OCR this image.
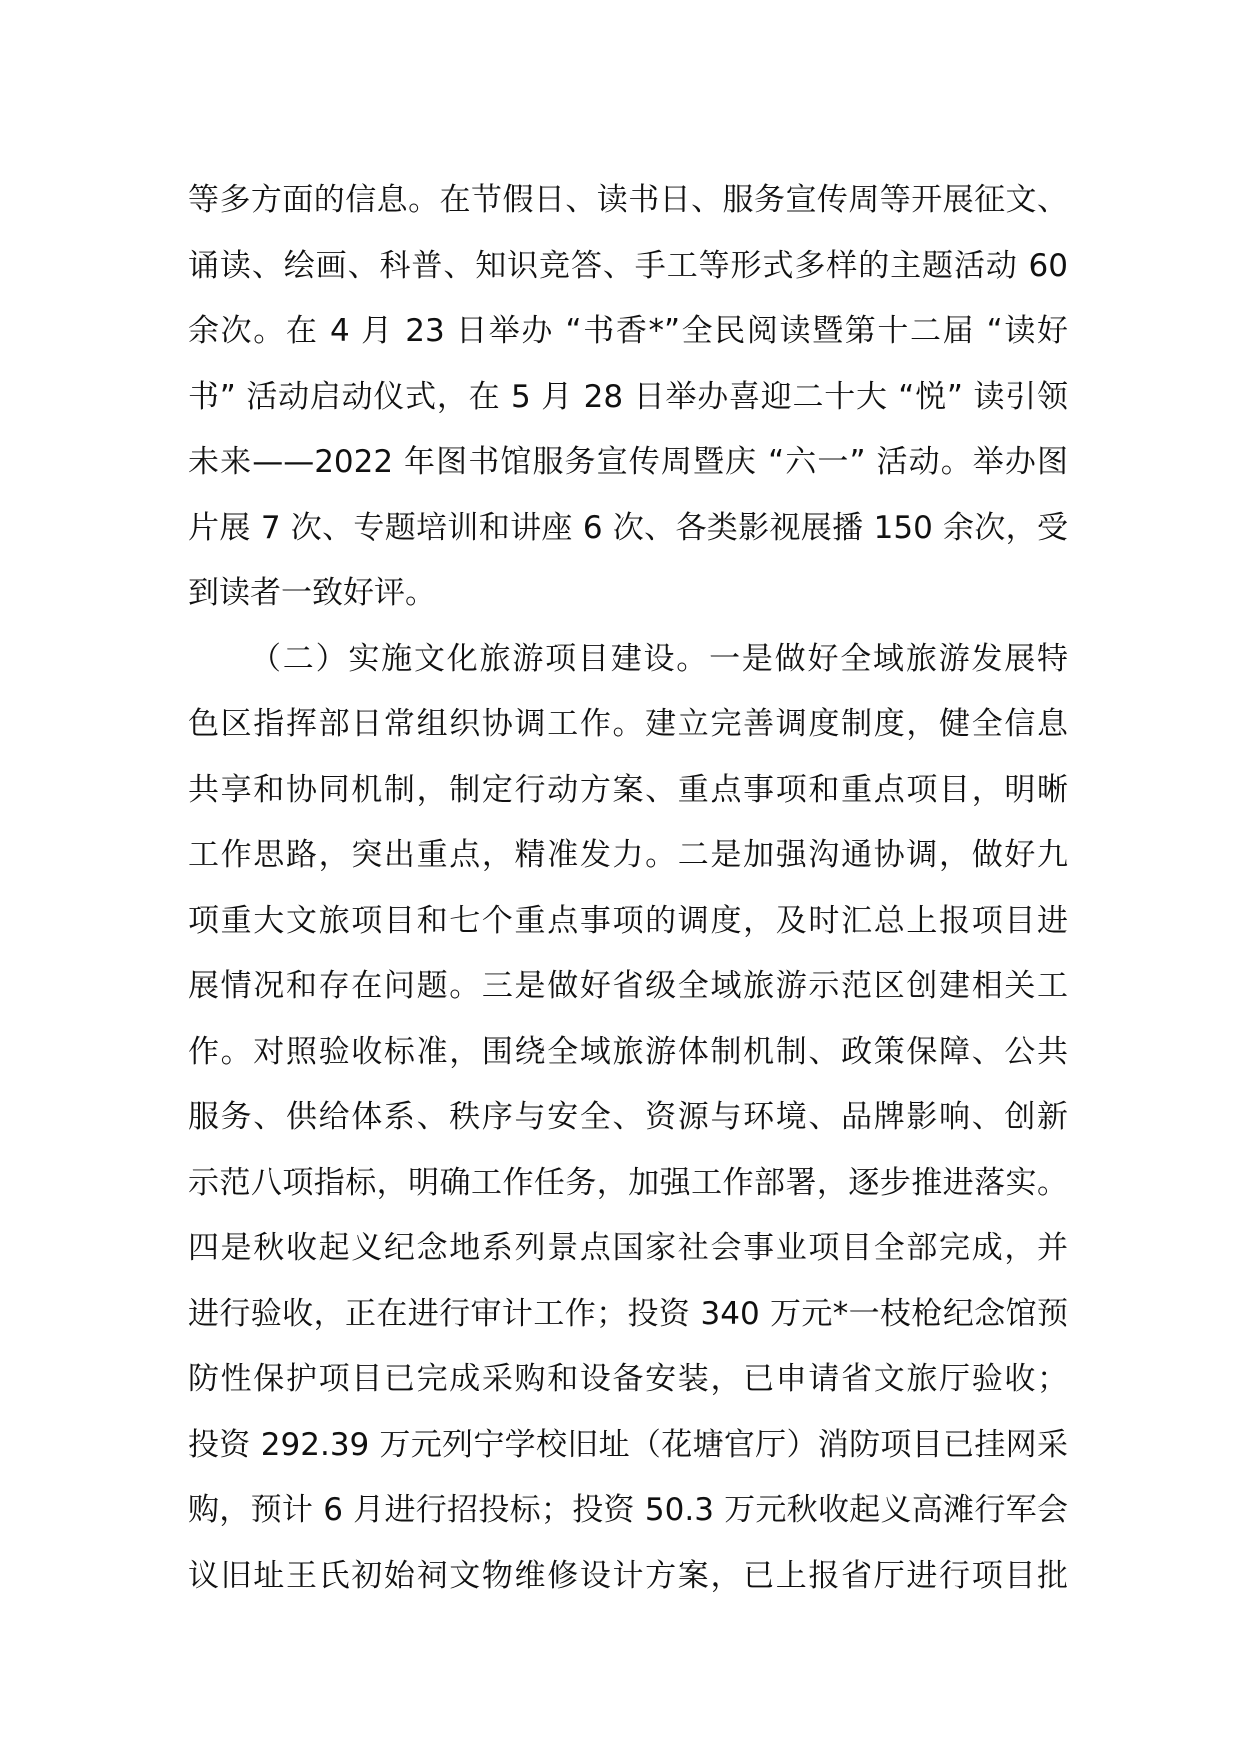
等多方面的信息。在节假日、读书日、服务宣传周等开展征文、
诵读、绘画、科普、知识竞答、手工等形式多样的主题活动 60
余次。在 4 月 23 日举办 “书香*”全民阅读暨第十二届 “读好
书” 活动启动仪式，在 5 月 28 日举办喜迎二十大 “悦” 读引领
未来——2022 年图书馆服务宣传周暨庆 “六一” 活动。举办图
片展 7 次、专题培训和讲座 6 次、各类影视展播 150 余次，受
到读者一致好评。
（二）实施文化旅游项目建设。一是做好全域旅游发展特
色区指挥部日常组织协调工作。建立完善调度制度，健全信息
共享和协同机制，制定行动方案、重点事项和重点项目，明晰
工作思路，突出重点，精准发力。二是加强沟通协调，做好九
项重大文旅项目和七个重点事项的调度，及时汇总上报项目进
展情况和存在问题。三是做好省级全域旅游示范区创建相关工
作。对照验收标准，围绕全域旅游体制机制、政策保障、公共
服务、供给体系、秩序与安全、资源与环境、品牌影响、创新
示范八项指标，明确工作任务，加强工作部署，逐步推进落实。
四是秋收起义纪念地系列景点国家社会事业项目全部完成，并
进行验收，正在进行审计工作；投资 340 万元*一枝枪纪念馆预
防性保护项目已完成采购和设备安装，已申请省文旅厅验收；
投资 292.39 万元列宁学校旧址（花塘官厅）消防项目已挂网采
购，预计 6 月进行招投标；投资 50.3 万元秋收起义高滩行军会
议旧址王氏初始祠文物维修设计方案，已上报省厅进行项目批
